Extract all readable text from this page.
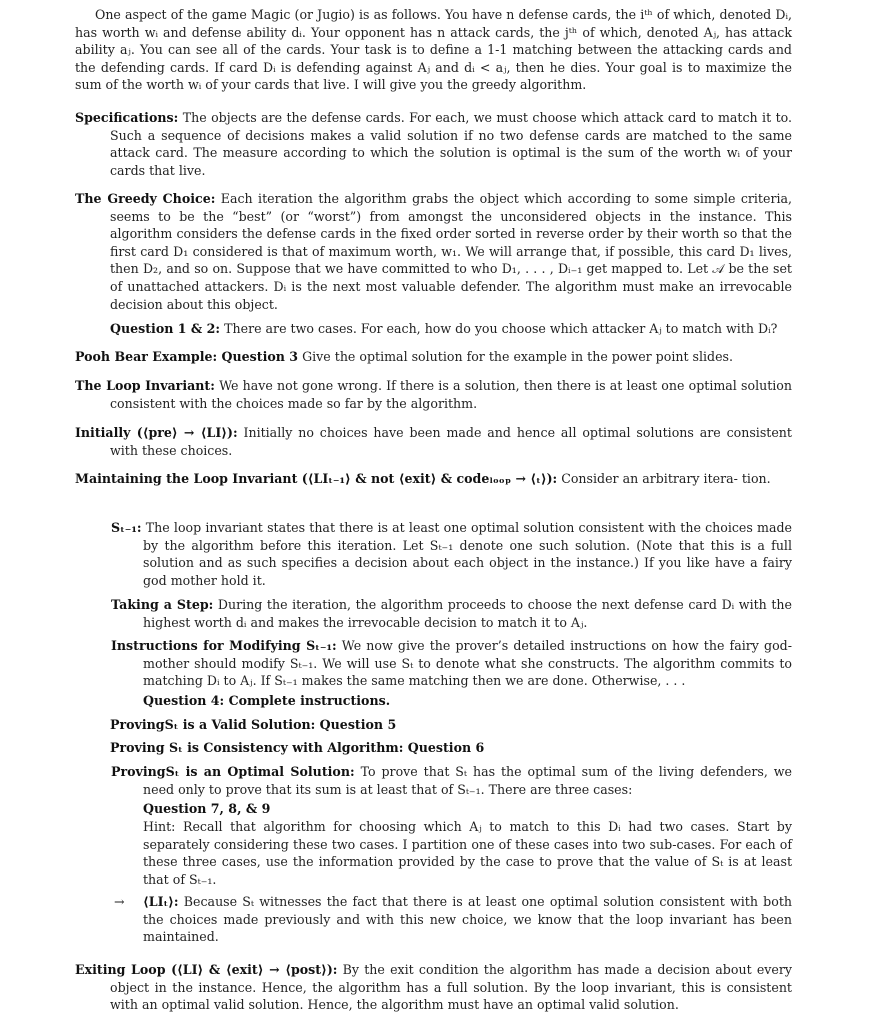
One aspect of the game Magic (or Jugio) is as follows. You have n defense cards, the iᵗʰ of which, denoted Dᵢ, has worth wᵢ and defense ability dᵢ. Your opponent has n attack cards, the jᵗʰ of which, denoted Aⱼ, has attack ability aⱼ. You can see all of the cards. Your task is to define a 1-1 matching between the attacking cards and the defending cards. If card Dᵢ is defending against Aⱼ and dᵢ < aⱼ, then he dies. Your goal is to maximize the sum of the worth wᵢ of your cards that live. I will give you the greedy algorithm.

Specifications: The objects are the defense cards. For each, we must choose which attack card to match it to. Such a sequence of decisions makes a valid solution if no two defense cards are matched to the same attack card. The measure according to which the solution is optimal is the sum of the worth wᵢ of your cards that live.

The Greedy Choice: Each iteration the algorithm grabs the object which according to some simple criteria, seems to be the “best” (or “worst”) from amongst the unconsidered objects in the instance. This algorithm considers the defense cards in the fixed order sorted in reverse order by their worth so that the first card D₁ considered is that of maximum worth, w₁. We will arrange that, if possible, this card D₁ lives, then D₂, and so on. Suppose that we have committed to who D₁, . . . , Dᵢ₋₁ get mapped to. Let 𝒜 be the set of unattached attackers. Dᵢ is the next most valuable defender. The algorithm must make an irrevocable decision about this object.

Question 1 & 2: There are two cases. For each, how do you choose which attacker Aⱼ to match with Dᵢ?

Pooh Bear Example: Question 3 Give the optimal solution for the example in the power point slides.

The Loop Invariant: We have not gone wrong. If there is a solution, then there is at least one optimal solution consistent with the choices made so far by the algorithm.

Initially (⟨pre⟩ → ⟨LI⟩): Initially no choices have been made and hence all optimal solutions are consistent with these choices.

Maintaining the Loop Invariant (⟨LIₜ₋₁⟩ & not ⟨exit⟩ & codeₗₒₒₚ → ⟨ₜ⟩): Consider an arbitrary itera- tion.

Sₜ₋₁: The loop invariant states that there is at least one optimal solution consistent with the choices made by the algorithm before this iteration. Let Sₜ₋₁ denote one such solution. (Note that this is a full solution and as such specifies a decision about each object in the instance.) If you like have a fairy god mother hold it.

Taking a Step: During the iteration, the algorithm proceeds to choose the next defense card Dᵢ with the highest worth dᵢ and makes the irrevocable decision to match it to Aⱼ.

Instructions for Modifying Sₜ₋₁: We now give the prover’s detailed instructions on how the fairy god- mother should modify Sₜ₋₁. We will use Sₜ to denote what she constructs. The algorithm commits to matching Dᵢ to Aⱼ. If Sₜ₋₁ makes the same matching then we are done. Otherwise, . . .

Question 4: Complete instructions.

ProvingSₜ is a Valid Solution: Question 5

Proving Sₜ is Consistency with Algorithm: Question 6

ProvingSₜ is an Optimal Solution: To prove that Sₜ has the optimal sum of the living defenders, we need only to prove that its sum is at least that of Sₜ₋₁. There are three cases:

Question 7, 8, & 9

Hint: Recall that algorithm for choosing which Aⱼ to match to this Dᵢ had two cases. Start by separately considering these two cases. I partition one of these cases into two sub-cases. For each of these three cases, use the information provided by the case to prove that the value of Sₜ is at least that of Sₜ₋₁.

→	⟨LIₜ⟩: Because Sₜ witnesses the fact that there is at least one optimal solution consistent with both the choices made previously and with this new choice, we know that the loop invariant has been maintained.

Exiting Loop (⟨LI⟩ & ⟨exit⟩ → ⟨post⟩): By the exit condition the algorithm has made a decision about every object in the instance. Hence, the algorithm has a full solution. By the loop invariant, this is consistent with an optimal valid solution. Hence, the algorithm must have an optimal valid solution.
